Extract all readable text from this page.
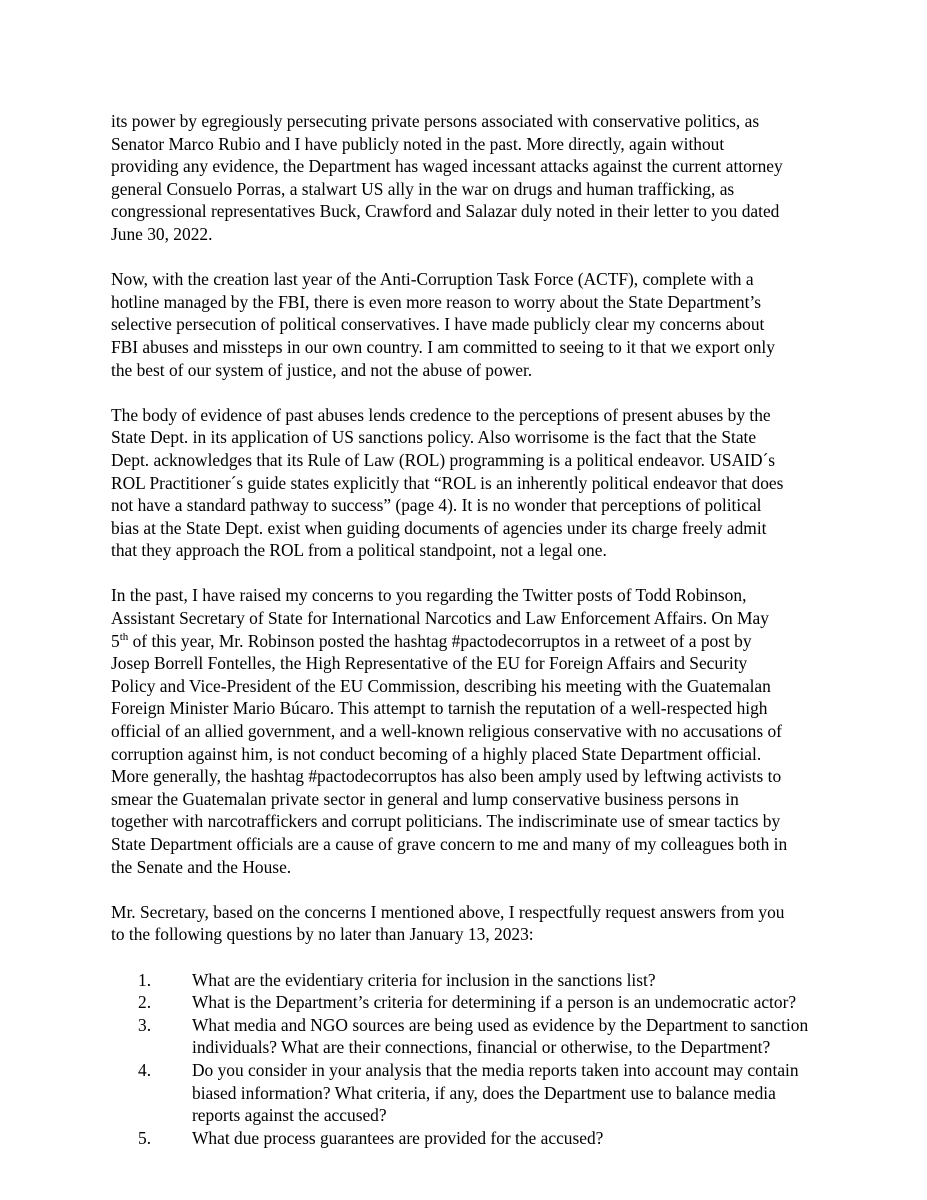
its power by egregiously persecuting private persons associated with conservative politics, as
Senator Marco Rubio and I have publicly noted in the past. More directly, again without
providing any evidence, the Department has waged incessant attacks against the current attorney
general Consuelo Porras, a stalwart US ally in the war on drugs and human trafficking, as
congressional representatives Buck, Crawford and Salazar duly noted in their letter to you dated
June 30, 2022.

Now, with the creation last year of the Anti-Corruption Task Force (ACTF), complete with a
hotline managed by the FBI, there is even more reason to worry about the State Department’s
selective persecution of political conservatives. I have made publicly clear my concerns about
FBI abuses and missteps in our own country. I am committed to seeing to it that we export only
the best of our system of justice, and not the abuse of power.

The body of evidence of past abuses lends credence to the perceptions of present abuses by the
State Dept. in its application of US sanctions policy. Also worrisome is the fact that the State
Dept. acknowledges that its Rule of Law (ROL) programming is a political endeavor. USAID´s
ROL Practitioner´s guide states explicitly that “ROL is an inherently political endeavor that does
not have a standard pathway to success” (page 4). It is no wonder that perceptions of political
bias at the State Dept. exist when guiding documents of agencies under its charge freely admit
that they approach the ROL from a political standpoint, not a legal one.

In the past, I have raised my concerns to you regarding the Twitter posts of Todd Robinson,
Assistant Secretary of State for International Narcotics and Law Enforcement Affairs. On May
5th of this year, Mr. Robinson posted the hashtag #pactodecorruptos in a retweet of a post by
Josep Borrell Fontelles, the High Representative of the EU for Foreign Affairs and Security
Policy and Vice-President of the EU Commission, describing his meeting with the Guatemalan
Foreign Minister Mario Búcaro. This attempt to tarnish the reputation of a well-respected high
official of an allied government, and a well-known religious conservative with no accusations of
corruption against him, is not conduct becoming of a highly placed State Department official.
More generally, the hashtag #pactodecorruptos has also been amply used by leftwing activists to
smear the Guatemalan private sector in general and lump conservative business persons in
together with narcotraffickers and corrupt politicians. The indiscriminate use of smear tactics by
State Department officials are a cause of grave concern to me and many of my colleagues both in
the Senate and the House.

Mr. Secretary, based on the concerns I mentioned above, I respectfully request answers from you
to the following questions by no later than January 13, 2023:

1. What are the evidentiary criteria for inclusion in the sanctions list?
2. What is the Department’s criteria for determining if a person is an undemocratic actor?
3. What media and NGO sources are being used as evidence by the Department to sanction
individuals? What are their connections, financial or otherwise, to the Department?
4. Do you consider in your analysis that the media reports taken into account may contain
biased information? What criteria, if any, does the Department use to balance media
reports against the accused?
5. What due process guarantees are provided for the accused?
